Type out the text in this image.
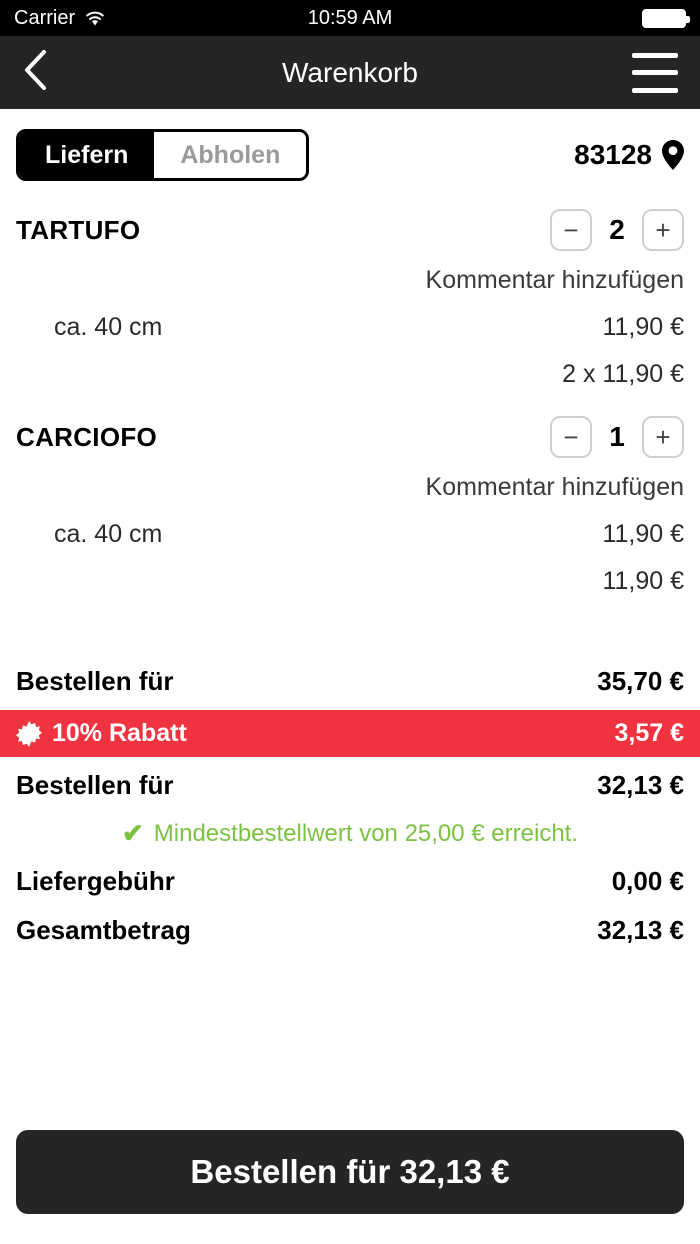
Carrier	10:59 AM
Warenkorb
Liefern	Abholen	83128
TARTUFO	−	2	+
Kommentar hinzufügen
ca. 40 cm	11,90 €
2 x 11,90 €
CARCIOFO	−	1	+
Kommentar hinzufügen
ca. 40 cm	11,90 €
11,90 €
Bestellen für	35,70 €
10% Rabatt	3,57 €
Bestellen für	32,13 €
✔ Mindestbestellwert von 25,00 € erreicht.
Liefergebühr	0,00 €
Gesamtbetrag	32,13 €
Bestellen für 32,13 €
